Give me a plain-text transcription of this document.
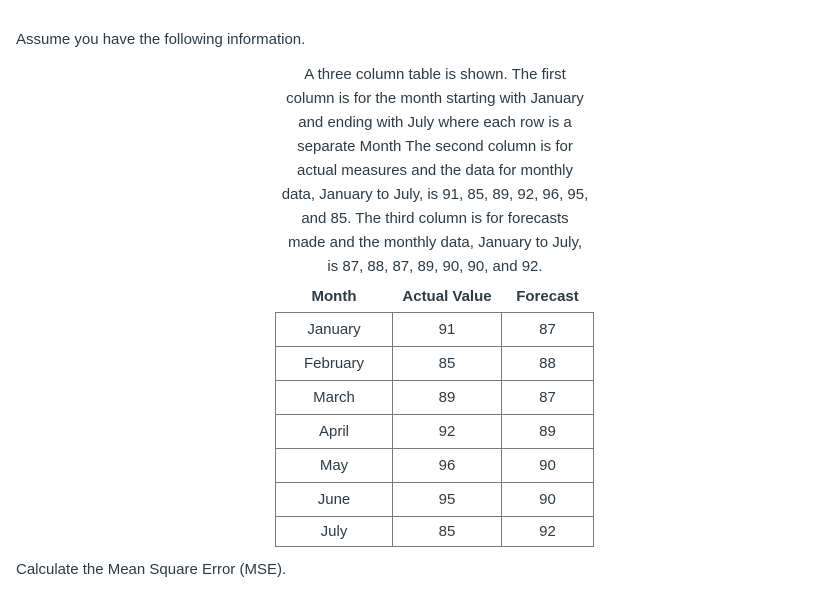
Assume you have the following information.

A three column table is shown. The first
column is for the month starting with January
and ending with July where each row is a
separate Month The second column is for
actual measures and the data for monthly
data, January to July, is 91, 85, 89, 92, 96, 95,
and 85. The third column is for forecasts
made and the monthly data, January to July,
is 87, 88, 87, 89, 90, 90, and 92.

Month	Actual Value	Forecast
January	91	87
February	85	88
March	89	87
April	92	89
May	96	90
June	95	90
July	85	92

Calculate the Mean Square Error (MSE).
